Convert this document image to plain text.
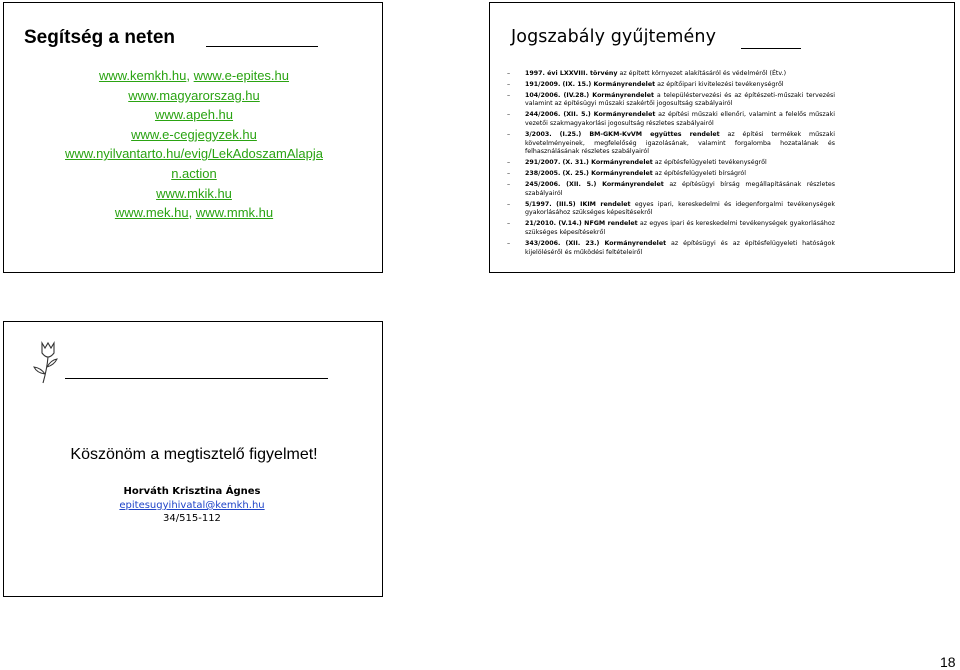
Segítség a neten
www.kemkh.hu, www.e-epites.hu
www.magyarorszag.hu
www.apeh.hu
www.e-cegjegyzek.hu
www.nyilvantarto.hu/evig/LekAdoszamAlapja
n.action
www.mkik.hu
www.mek.hu, www.mmk.hu
Jogszabály gyűjtemény
– 1997. évi LXXVIII. törvény az épített környezet alakításáról és védelméről (Étv.)
– 191/2009. (IX. 15.) Kormányrendelet az építőipari kivitelezési tevékenységről
– 104/2006. (IV.28.) Kormányrendelet a településtervezési és az építészeti-műszaki tervezési valamint az építésügyi műszaki szakértői jogosultság szabályairól
– 244/2006. (XII. 5.) Kormányrendelet az építési műszaki ellenőri, valamint a felelős műszaki vezetői szakmagyakorlási jogosultság részletes szabályairól
– 3/2003. (I.25.) BM-GKM-KvVM együttes rendelet az építési termékek műszaki követelményeinek, megfelelőség igazolásának, valamint forgalomba hozatalának és felhasználásának részletes szabályairól
– 291/2007. (X. 31.) Kormányrendelet az építésfelügyeleti tevékenységről
– 238/2005. (X. 25.) Kormányrendelet az építésfelügyeleti bírságról
– 245/2006. (XII. 5.) Kormányrendelet az építésügyi bírság megállapításának részletes szabályairól
– 5/1997. (III.5) IKIM rendelet egyes ipari, kereskedelmi és idegenforgalmi tevékenységek gyakorlásához szükséges képesítésekről
– 21/2010. (V.14.) NFGM rendelet az egyes ipari és kereskedelmi tevékenységek gyakorlásához szükséges képesítésekről
– 343/2006. (XII. 23.) Kormányrendelet az építésügyi és az építésfelügyeleti hatóságok kijelöléséről és működési feltételeiről
Köszönöm a megtisztelő figyelmet!
Horváth Krisztina Ágnes
epitesugyihivatal@kemkh.hu
34/515-112
18
